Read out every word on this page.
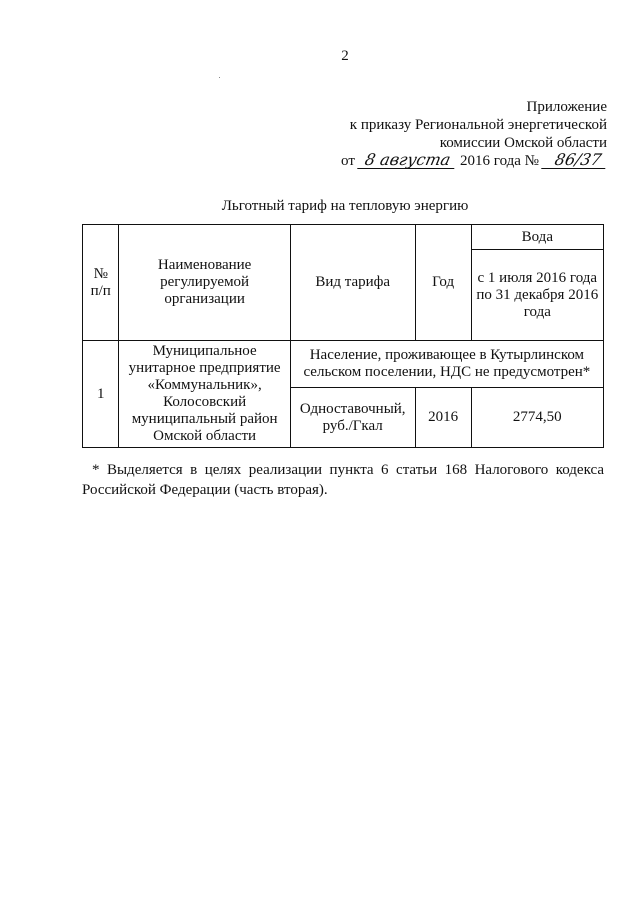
2
Приложение
к приказу Региональной энергетической
комиссии Омской области
от 8 августа 2016 года № 86/37
Льготный тариф на тепловую энергию
№ п/п	Наименование регулируемой организации	Вид тарифа	Год	Вода
				с 1 июля 2016 года по 31 декабря 2016 года
1	Муниципальное унитарное предприятие «Коммунальник», Колосовский муниципальный район Омской области	Население, проживающее в Кутырлинском сельском поселении, НДС не предусмотрен*		
		Одноставочный, руб./Гкал	2016	2774,50
* Выделяется в целях реализации пункта 6 статьи 168 Налогового кодекса Российской Федерации (часть вторая).
